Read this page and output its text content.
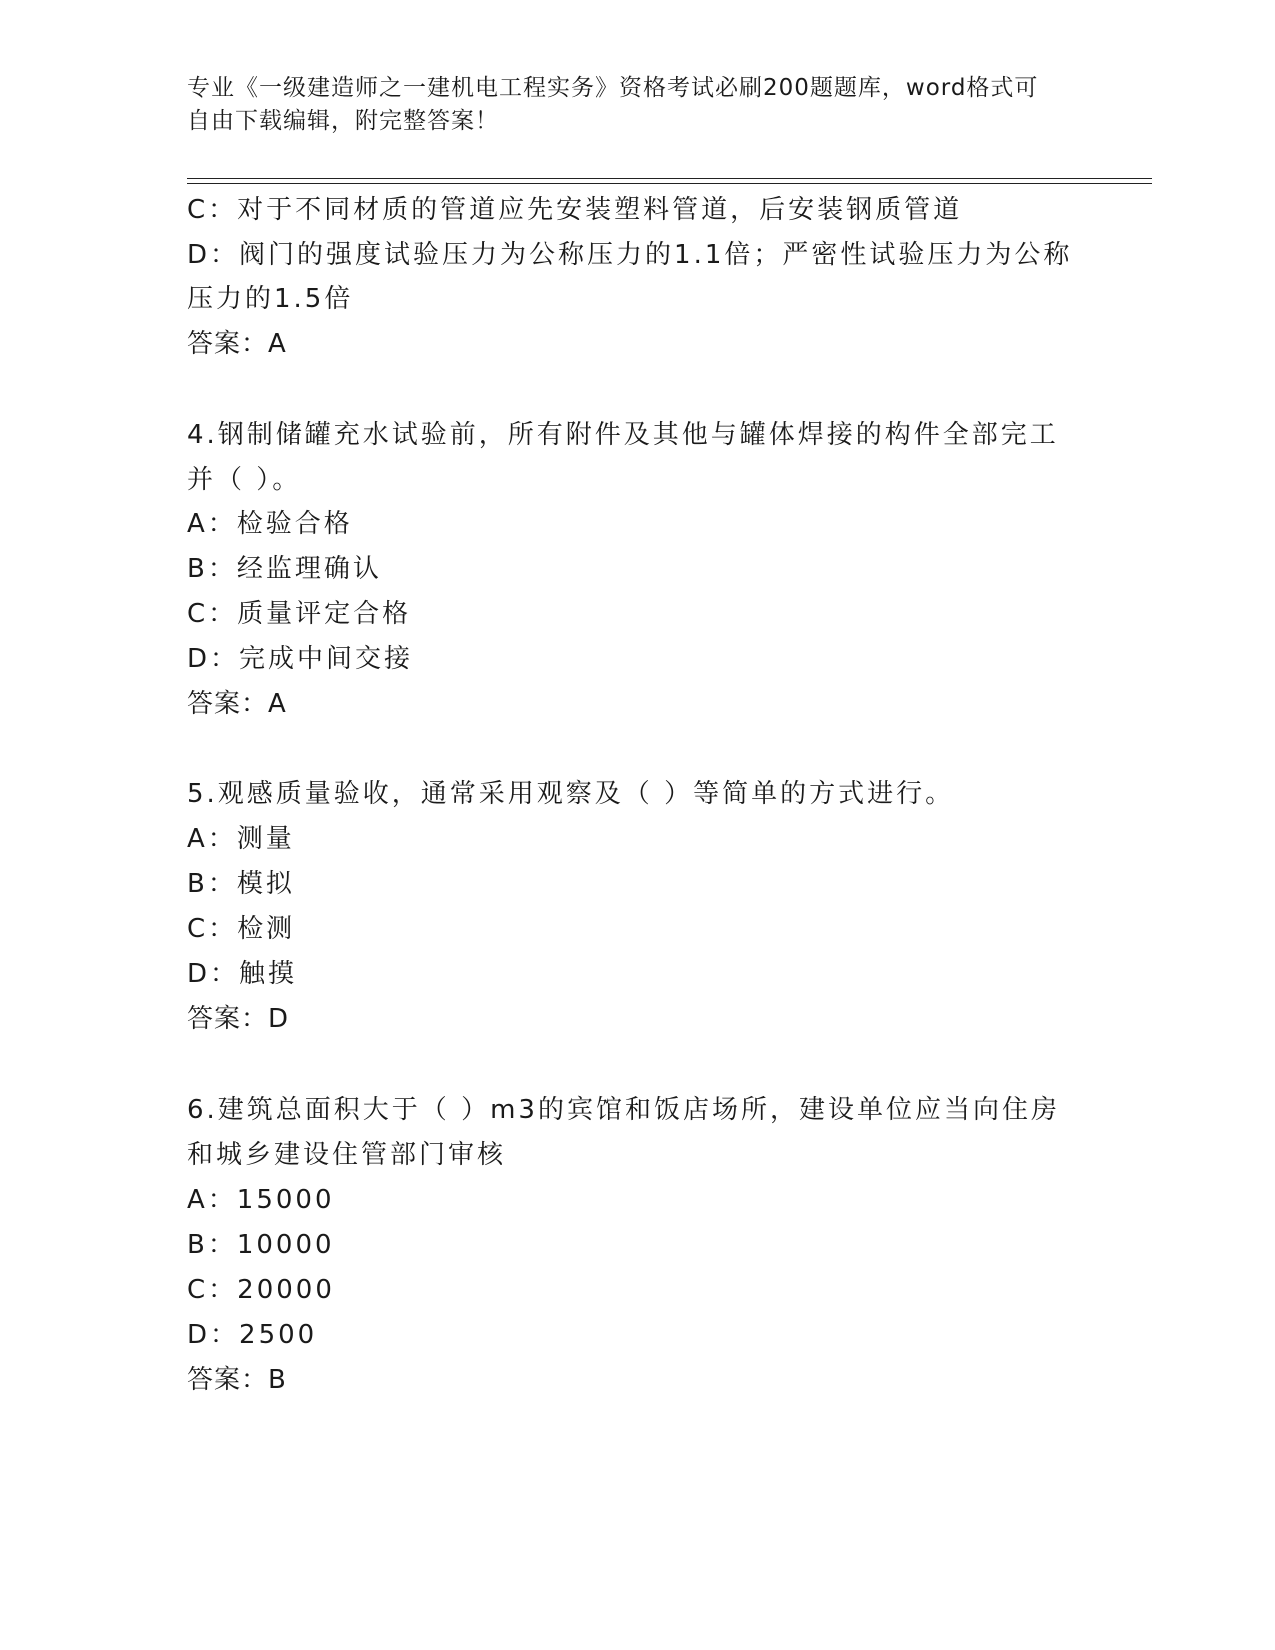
专业《一级建造师之一建机电工程实务》资格考试必刷200题题库，word格式可
自由下载编辑，附完整答案！

C：对于不同材质的管道应先安装塑料管道，后安装钢质管道

D：阀门的强度试验压力为公称压力的1.1倍；严密性试验压力为公称

压力的1.5倍

答案：A

4.钢制储罐充水试验前，所有附件及其他与罐体焊接的构件全部完工

并（ ）。

A：检验合格

B：经监理确认

C：质量评定合格

D：完成中间交接

答案：A

5.观感质量验收，通常采用观察及（ ）等简单的方式进行。

A：测量

B：模拟

C：检测

D：触摸

答案：D

6.建筑总面积大于（ ）m3的宾馆和饭店场所，建设单位应当向住房

和城乡建设住管部门审核

A：15000

B：10000

C：20000

D：2500

答案：B
